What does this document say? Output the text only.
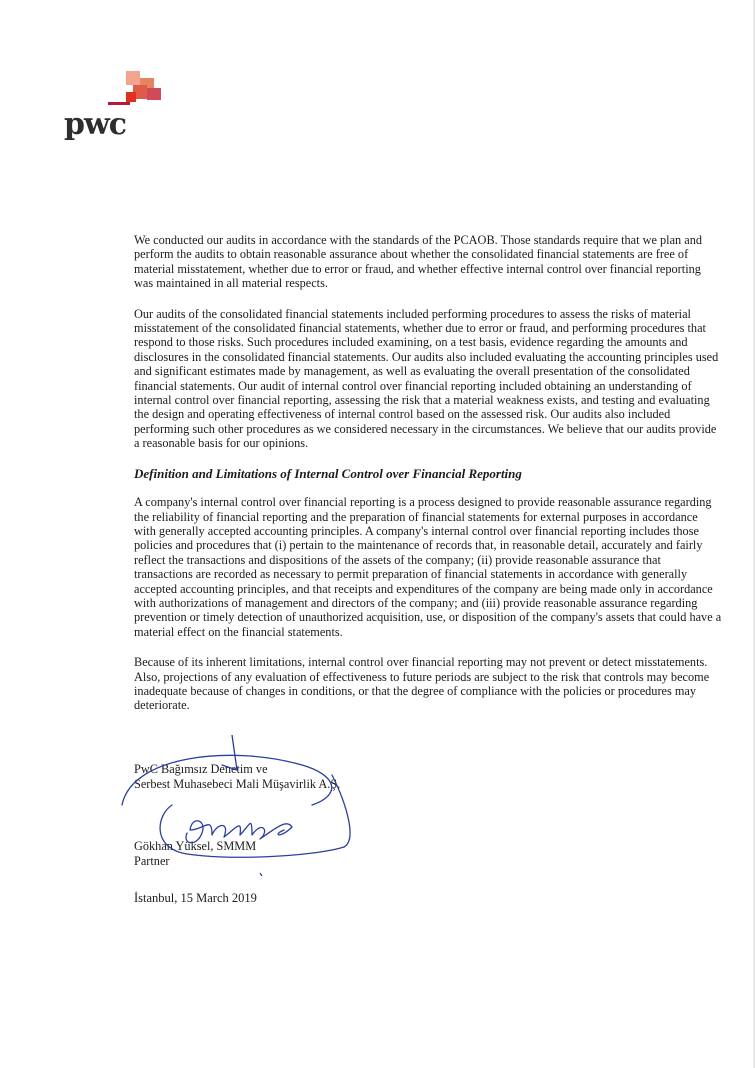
pwc

We conducted our audits in accordance with the standards of the PCAOB. Those standards require that we plan and perform the audits to obtain reasonable assurance about whether the consolidated financial statements are free of material misstatement, whether due to error or fraud, and whether effective internal control over financial reporting was maintained in all material respects.

Our audits of the consolidated financial statements included performing procedures to assess the risks of material misstatement of the consolidated financial statements, whether due to error or fraud, and performing procedures that respond to those risks. Such procedures included examining, on a test basis, evidence regarding the amounts and disclosures in the consolidated financial statements. Our audits also included evaluating the accounting principles used and significant estimates made by management, as well as evaluating the overall presentation of the consolidated financial statements. Our audit of internal control over financial reporting included obtaining an understanding of internal control over financial reporting, assessing the risk that a material weakness exists, and testing and evaluating the design and operating effectiveness of internal control based on the assessed risk. Our audits also included performing such other procedures as we considered necessary in the circumstances. We believe that our audits provide a reasonable basis for our opinions.

Definition and Limitations of Internal Control over Financial Reporting

A company's internal control over financial reporting is a process designed to provide reasonable assurance regarding the reliability of financial reporting and the preparation of financial statements for external purposes in accordance with generally accepted accounting principles. A company's internal control over financial reporting includes those policies and procedures that (i) pertain to the maintenance of records that, in reasonable detail, accurately and fairly reflect the transactions and dispositions of the assets of the company; (ii) provide reasonable assurance that transactions are recorded as necessary to permit preparation of financial statements in accordance with generally accepted accounting principles, and that receipts and expenditures of the company are being made only in accordance with authorizations of management and directors of the company; and (iii) provide reasonable assurance regarding prevention or timely detection of unauthorized acquisition, use, or disposition of the company's assets that could have a material effect on the financial statements.

Because of its inherent limitations, internal control over financial reporting may not prevent or detect misstatements. Also, projections of any evaluation of effectiveness to future periods are subject to the risk that controls may become inadequate because of changes in conditions, or that the degree of compliance with the policies or procedures may deteriorate.

PwC Bağımsız Denetim ve
Serbest Muhasebeci Mali Müşavirlik A.Ş.
Gökhan Yüksel, SMMM
Partner
İstanbul, 15 March 2019
